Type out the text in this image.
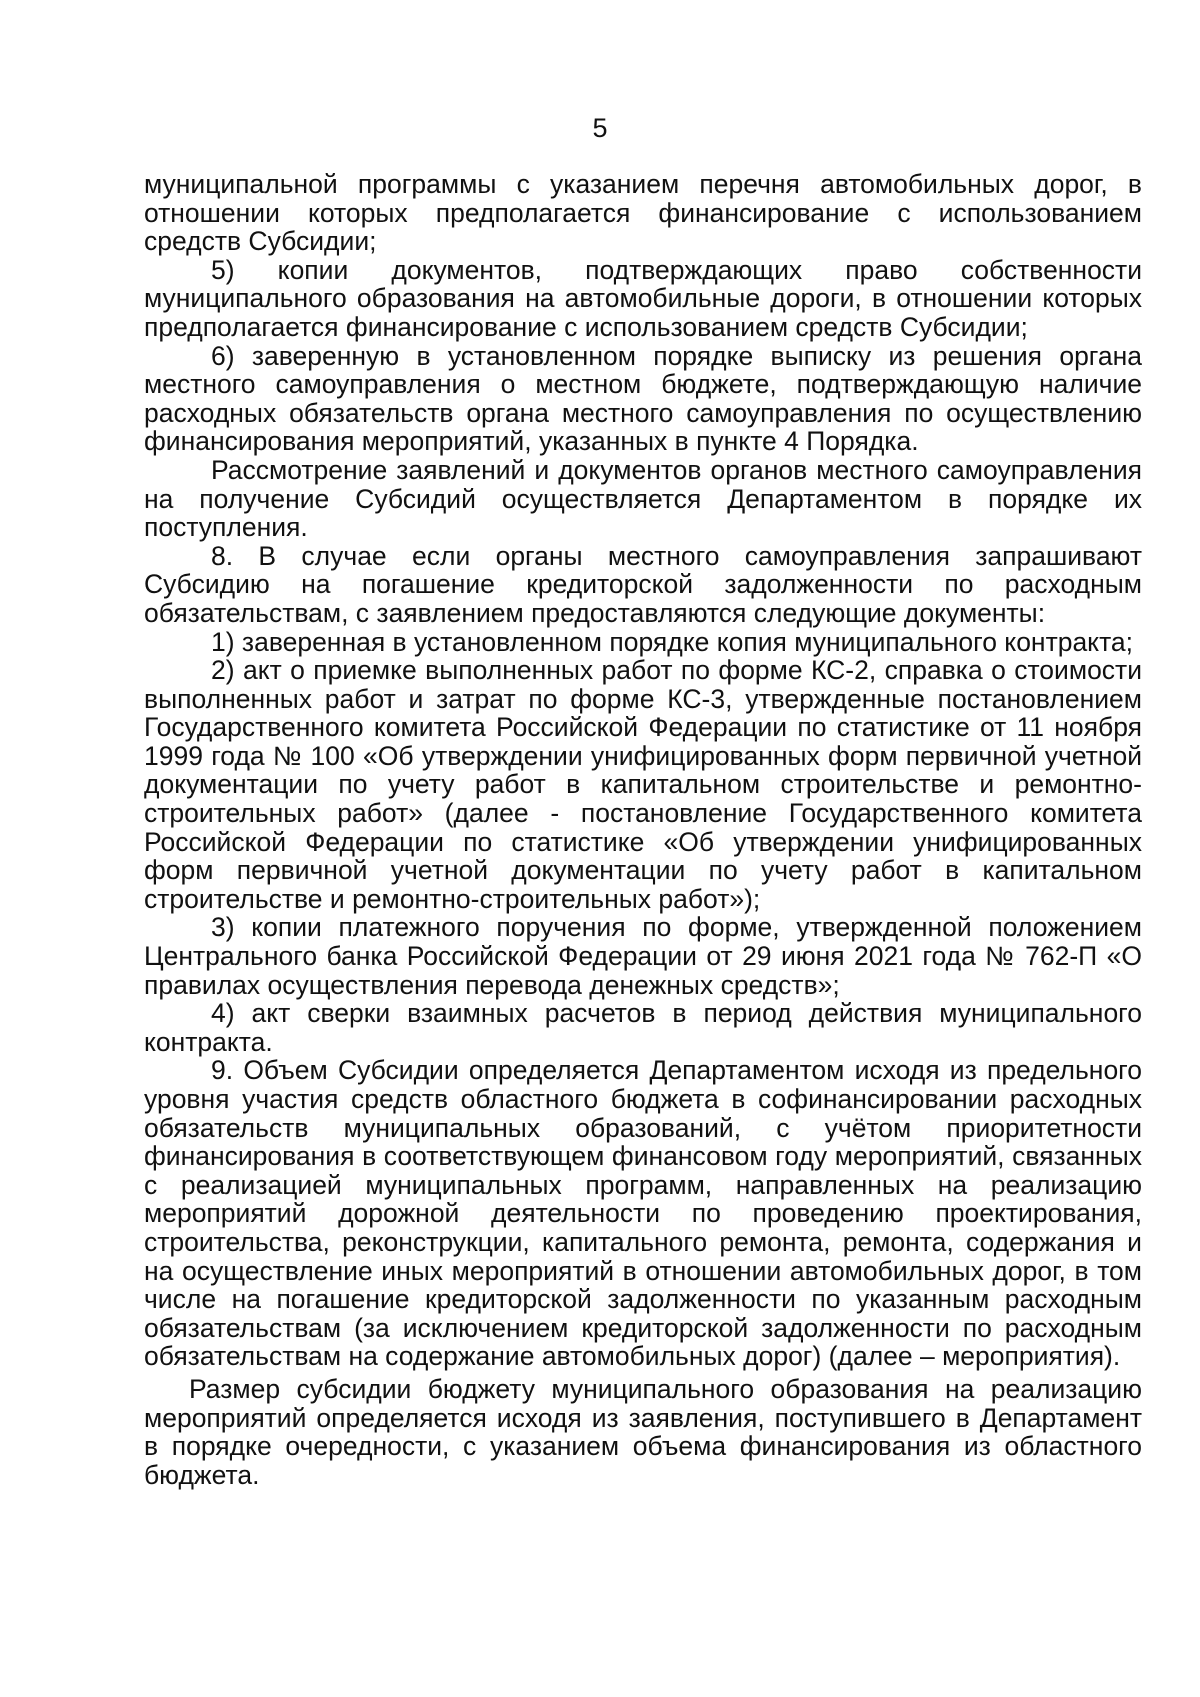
5

муниципальной программы с указанием перечня автомобильных дорог, в отношении которых предполагается финансирование с использованием средств Субсидии;

5) копии документов, подтверждающих право собственности муниципального образования на автомобильные дороги, в отношении которых предполагается финансирование с использованием средств Субсидии;

6) заверенную в установленном порядке выписку из решения органа местного самоуправления о местном бюджете, подтверждающую наличие расходных обязательств органа местного самоуправления по осуществлению финансирования мероприятий, указанных в пункте 4 Порядка.

Рассмотрение заявлений и документов органов местного самоуправления на получение Субсидий осуществляется Департаментом в порядке их поступления.

8. В случае если органы местного самоуправления запрашивают Субсидию на погашение кредиторской задолженности по расходным обязательствам, с заявлением предоставляются следующие документы:

1) заверенная в установленном порядке копия муниципального контракта;

2) акт о приемке выполненных работ по форме КС-2, справка о стоимости выполненных работ и затрат по форме КС-3, утвержденные постановлением Государственного комитета Российской Федерации по статистике от 11 ноября 1999 года № 100 «Об утверждении унифицированных форм первичной учетной документации по учету работ в капитальном строительстве и ремонтно-строительных работ» (далее - постановление Государственного комитета Российской Федерации по статистике «Об утверждении унифицированных форм первичной учетной документации по учету работ в капитальном строительстве и ремонтно-строительных работ»);

3) копии платежного поручения по форме, утвержденной положением Центрального банка Российской Федерации от 29 июня 2021 года № 762-П «О правилах осуществления перевода денежных средств»;

4) акт сверки взаимных расчетов в период действия муниципального контракта.

9. Объем Субсидии определяется Департаментом исходя из предельного уровня участия средств областного бюджета в софинансировании расходных обязательств муниципальных образований, с учётом приоритетности финансирования в соответствующем финансовом году мероприятий, связанных с реализацией муниципальных программ, направленных на реализацию мероприятий дорожной деятельности по проведению проектирования, строительства, реконструкции, капитального ремонта, ремонта, содержания и на осуществление иных мероприятий в отношении автомобильных дорог, в том числе на погашение кредиторской задолженности по указанным расходным обязательствам (за исключением кредиторской задолженности по расходным обязательствам на содержание автомобильных дорог) (далее – мероприятия).

Размер субсидии бюджету муниципального образования на реализацию мероприятий определяется исходя из заявления, поступившего в Департамент в порядке очередности, с указанием объема финансирования из областного бюджета.
